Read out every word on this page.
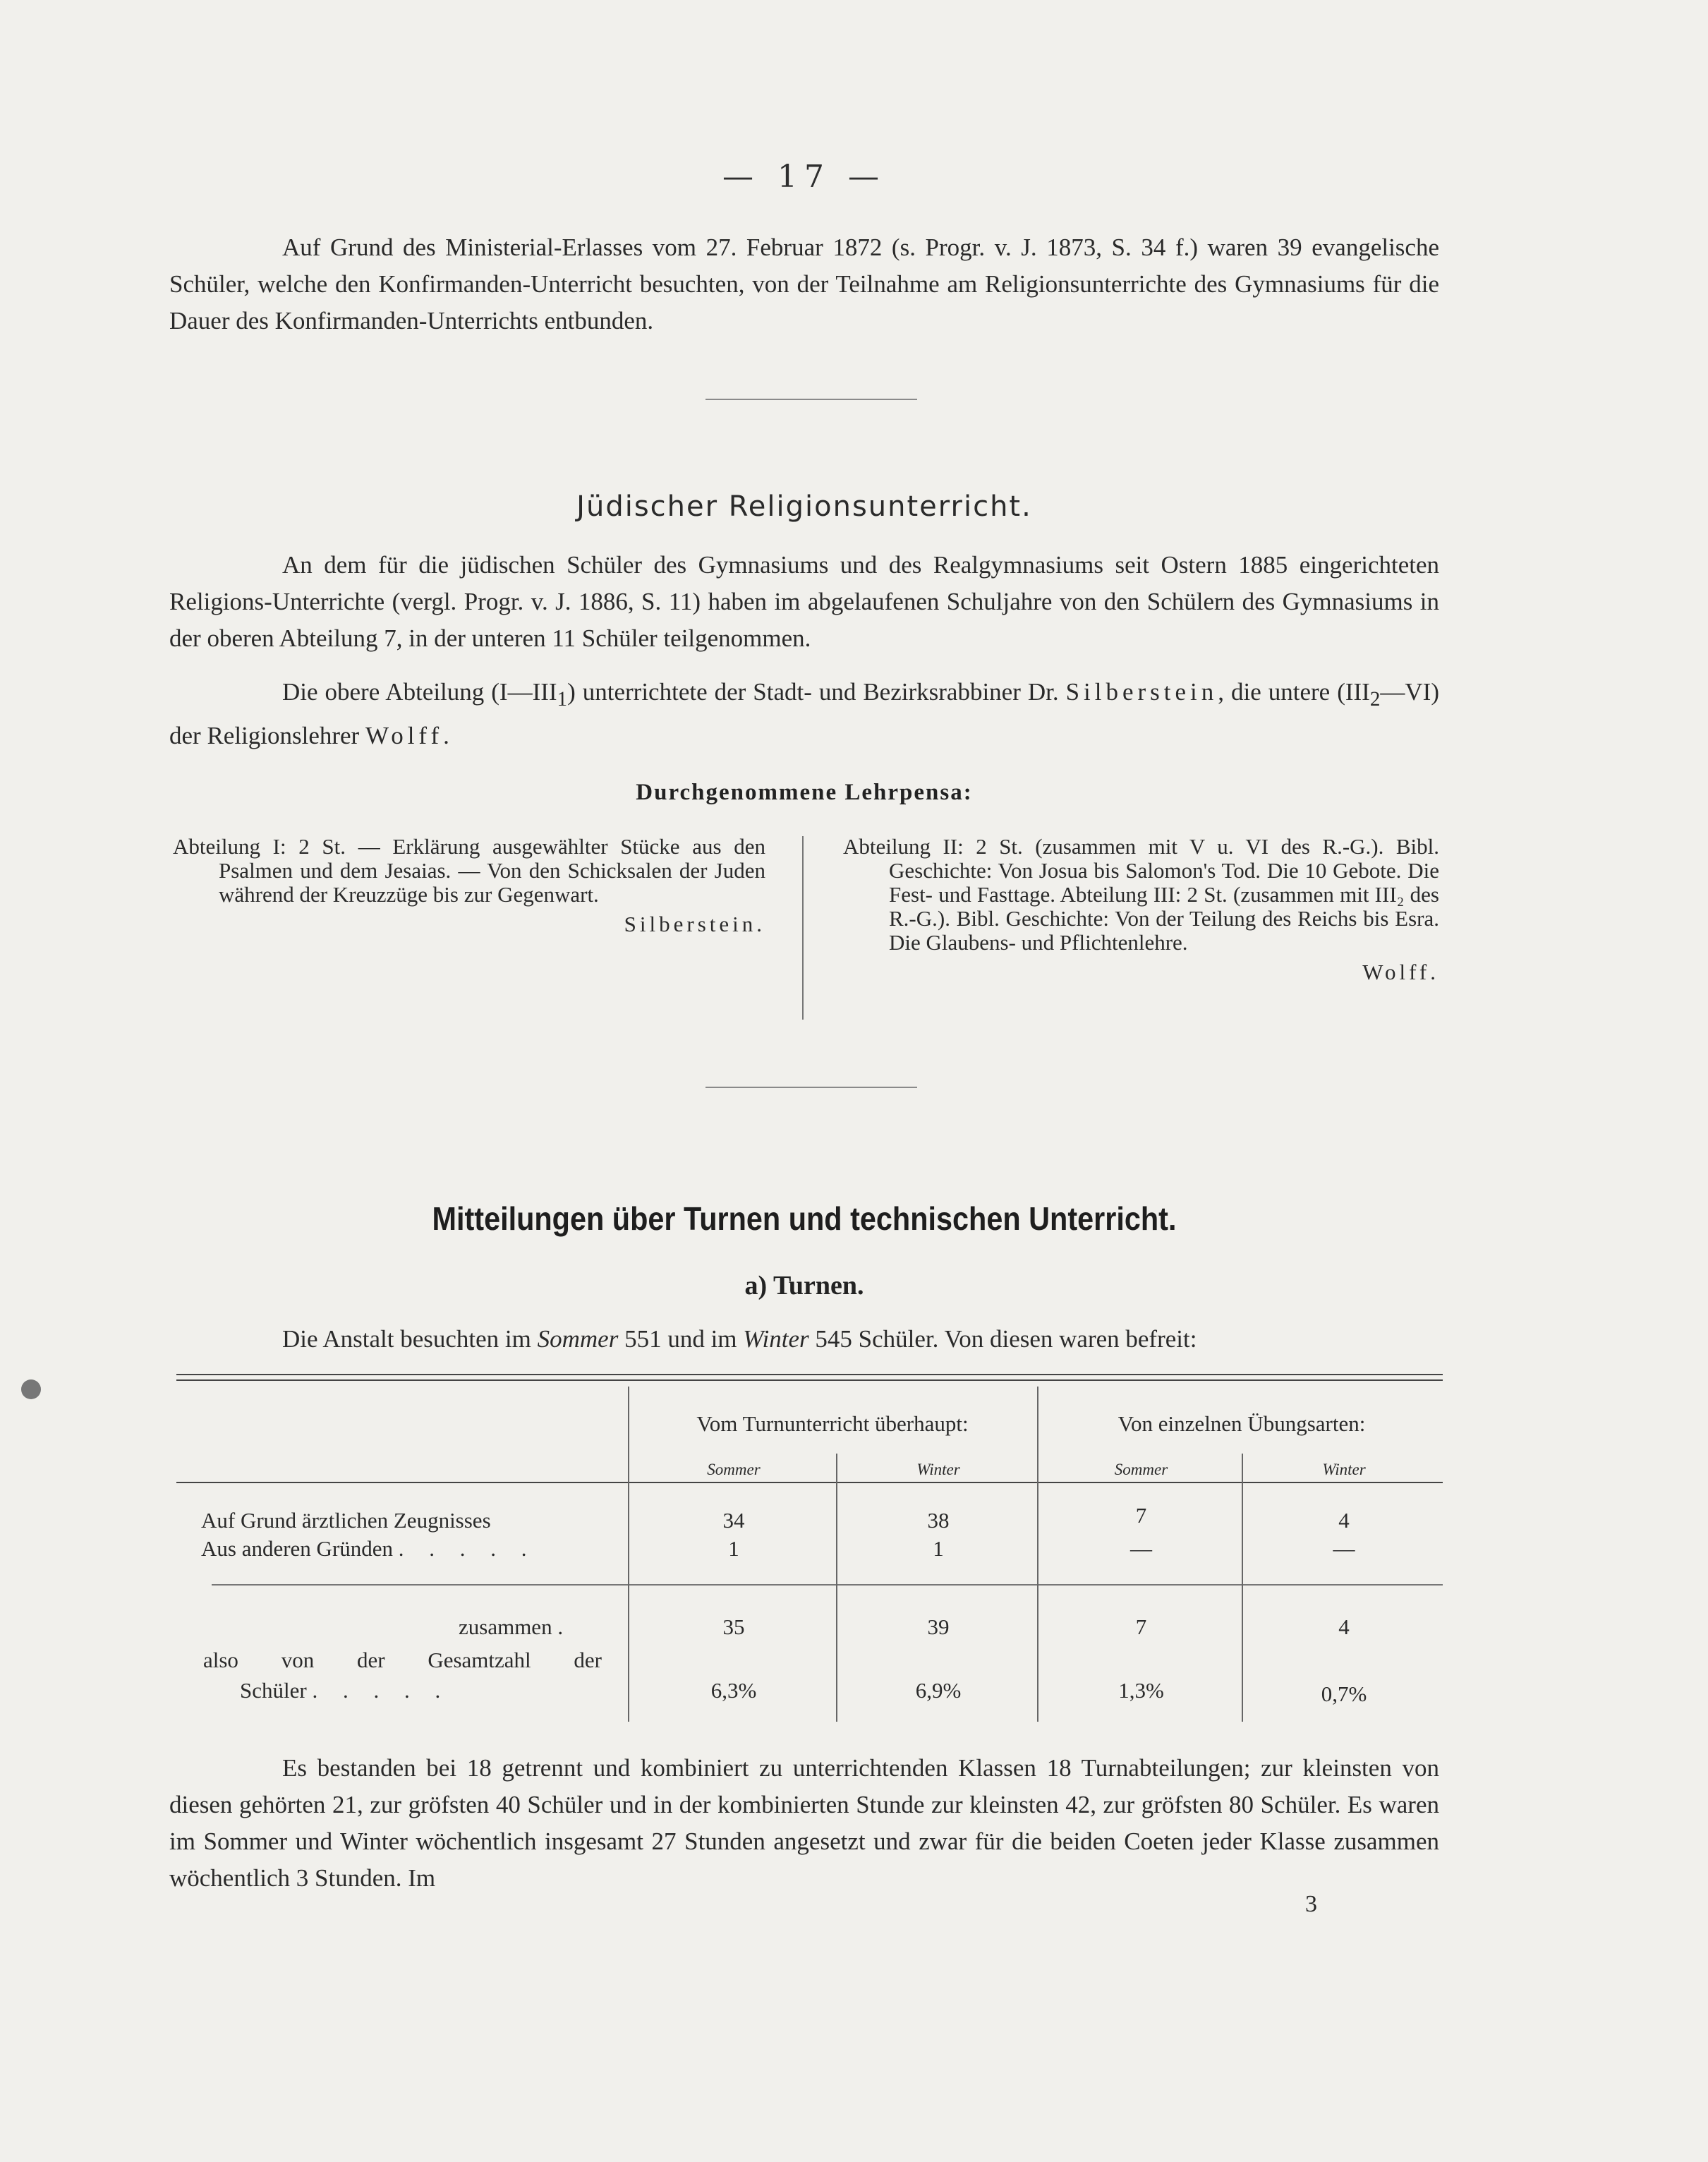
— 17 —

Auf Grund des Ministerial-Erlasses vom 27. Februar 1872 (s. Progr. v. J. 1873, S. 34 f.) waren 39 evangelische Schüler, welche den Konfirmanden-Unterricht besuchten, von der Teilnahme am Religionsunterrichte des Gymnasiums für die Dauer des Konfirmanden-Unterrichts entbunden.

Jüdischer Religionsunterricht.

An dem für die jüdischen Schüler des Gymnasiums und des Realgymnasiums seit Ostern 1885 eingerichteten Religions-Unterrichte (vergl. Progr. v. J. 1886, S. 11) haben im abgelaufenen Schuljahre von den Schülern des Gymnasiums in der oberen Abteilung 7, in der unteren 11 Schüler teilgenommen.

Die obere Abteilung $(I—III_1)$ unterrichtete der Stadt- und Bezirksrabbiner Dr. Silberstein, die untere $(III_2—VI)$ der Religionslehrer Wolff.

Durchgenommene Lehrpensa:
Abteilung I: 2 St. — Erklärung ausgewählter Stücke aus den Psalmen und dem Jesaias. — Von den Schicksalen der Juden während der Kreuzzüge bis zur Gegenwart.
Silberstein.
Abteilung II: 2 St. (zusammen mit V u. VI des R.-G.). Bibl. Geschichte: Von Josua bis Salomon's Tod. Die 10 Gebote. Die Fest- und Fasttage. Abteilung III: 2 St. (zusammen mit III₂ des R.-G.). Bibl. Geschichte: Von der Teilung des Reichs bis Esra. Die Glaubens- und Pflichtenlehre.
Wolff.
Mitteilungen über Turnen und technischen Unterricht.
a) Turnen.

Die Anstalt besuchten im Sommer 551 und im Winter 545 Schüler. Von diesen waren befreit:

Vom Turnunterricht überhaupt:	Von einzelnen Übungsarten:
Sommer	Winter	Sommer	Winter
Auf Grund ärztlichen Zeugnisses	34	38	7	4
Aus anderen Gründen . . . . .	1	1	—	—
zusammen .	35	39	7	4
also von der Gesamtzahl der
Schüler . . . . .	6,3%	6,9%	1,3%	0,7%

Es bestanden bei 18 getrennt und kombiniert zu unterrichtenden Klassen 18 Turnabteilungen; zur kleinsten von diesen gehörten 21, zur gröfsten 40 Schüler und in der kombinierten Stunde zur kleinsten 42, zur gröfsten 80 Schüler. Es waren im Sommer und Winter wöchentlich insgesamt 27 Stunden angesetzt und zwar für die beiden Coeten jeder Klasse zusammen wöchentlich 3 Stunden. Im

3
